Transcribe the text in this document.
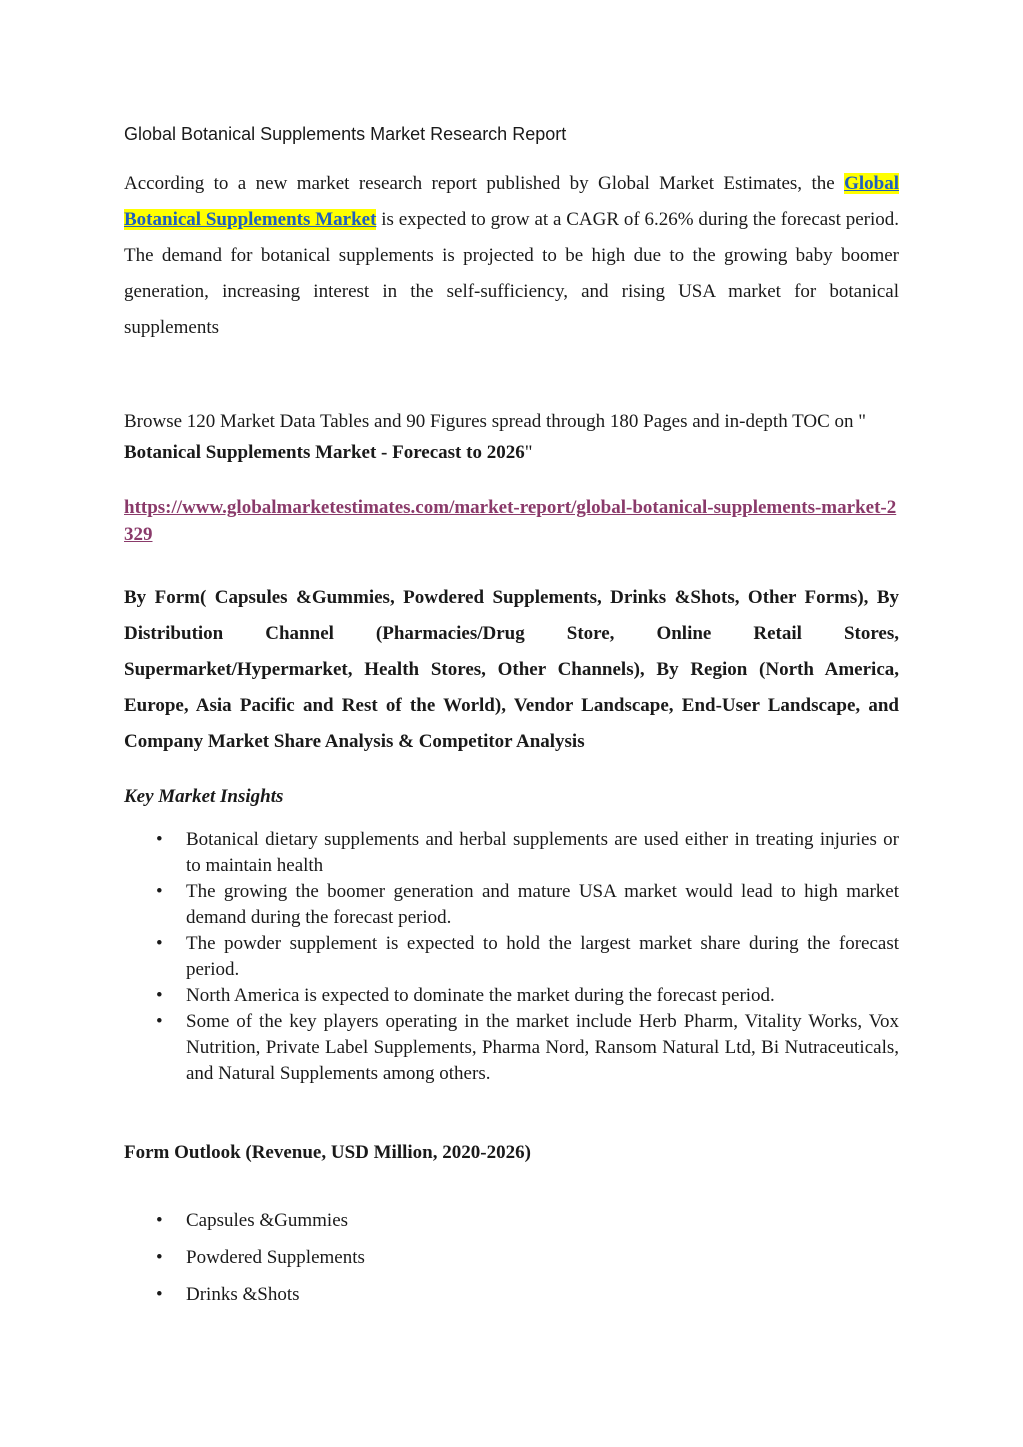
Global Botanical Supplements Market Research Report

According to a new market research report published by Global Market Estimates, the Global Botanical Supplements Market is expected to grow at a CAGR of 6.26% during the forecast period. The demand for botanical supplements is projected to be high due to the growing baby boomer generation, increasing interest in the self-sufficiency, and rising USA market for botanical supplements

Browse 120 Market Data Tables and 90 Figures spread through 180 Pages and in-depth TOC on " Botanical Supplements Market - Forecast to 2026"

https://www.globalmarketestimates.com/market-report/global-botanical-supplements-market-2329

By Form( Capsules &Gummies, Powdered Supplements, Drinks &Shots, Other Forms), By Distribution Channel (Pharmacies/Drug Store, Online Retail Stores, Supermarket/Hypermarket, Health Stores, Other Channels), By Region (North America, Europe, Asia Pacific and Rest of the World), Vendor Landscape, End-User Landscape, and Company Market Share Analysis & Competitor Analysis

Key Market Insights

• Botanical dietary supplements and herbal supplements are used either in treating injuries or to maintain health
• The growing the boomer generation and mature USA market would lead to high market demand during the forecast period.
• The powder supplement is expected to hold the largest market share during the forecast period.
• North America is expected to dominate the market during the forecast period.
• Some of the key players operating in the market include Herb Pharm, Vitality Works, Vox Nutrition, Private Label Supplements, Pharma Nord, Ransom Natural Ltd, Bi Nutraceuticals, and Natural Supplements among others.

Form Outlook (Revenue, USD Million, 2020-2026)

• Capsules &Gummies
• Powdered Supplements
• Drinks &Shots
